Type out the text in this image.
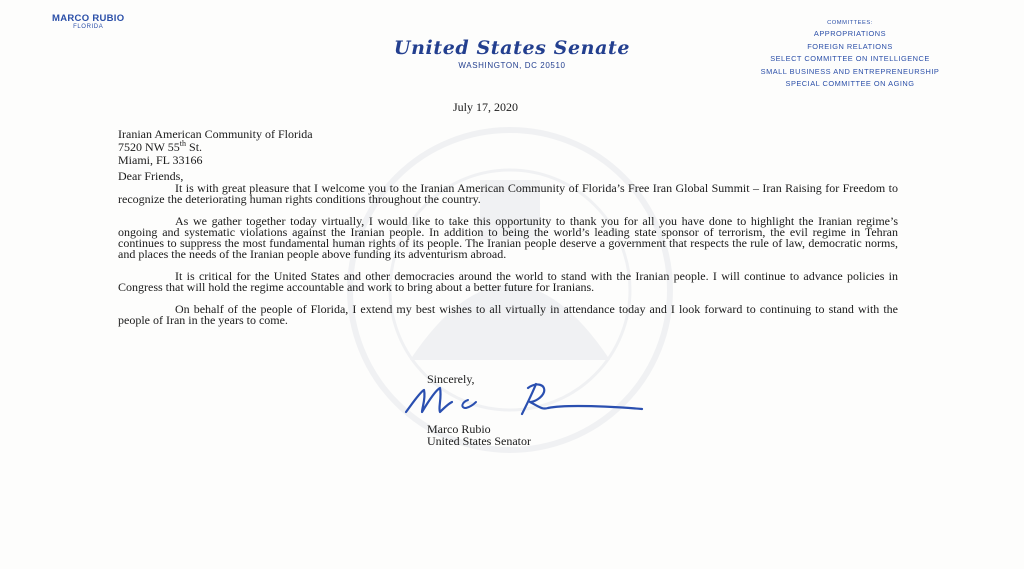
MARCO RUBIO
FLORIDA
United States Senate
WASHINGTON, DC 20510
COMMITTEES:
APPROPRIATIONS
FOREIGN RELATIONS
SELECT COMMITTEE ON INTELLIGENCE
SMALL BUSINESS AND ENTREPRENEURSHIP
SPECIAL COMMITTEE ON AGING
July 17, 2020
Iranian American Community of Florida
7520 NW 55th St.
Miami, FL 33166
Dear Friends,

It is with great pleasure that I welcome you to the Iranian American Community of Florida’s Free Iran Global Summit – Iran Raising for Freedom to recognize the deteriorating human rights conditions throughout the country.

As we gather together today virtually, I would like to take this opportunity to thank you for all you have done to highlight the Iranian regime’s ongoing and systematic violations against the Iranian people. In addition to being the world’s leading state sponsor of terrorism, the evil regime in Tehran continues to suppress the most fundamental human rights of its people. The Iranian people deserve a government that respects the rule of law, democratic norms, and places the needs of the Iranian people above funding its adventurism abroad.

It is critical for the United States and other democracies around the world to stand with the Iranian people. I will continue to advance policies in Congress that will hold the regime accountable and work to bring about a better future for Iranians.

On behalf of the people of Florida, I extend my best wishes to all virtually in attendance today and I look forward to continuing to stand with the people of Iran in the years to come.

Sincerely,
Marco Rubio
United States Senator
